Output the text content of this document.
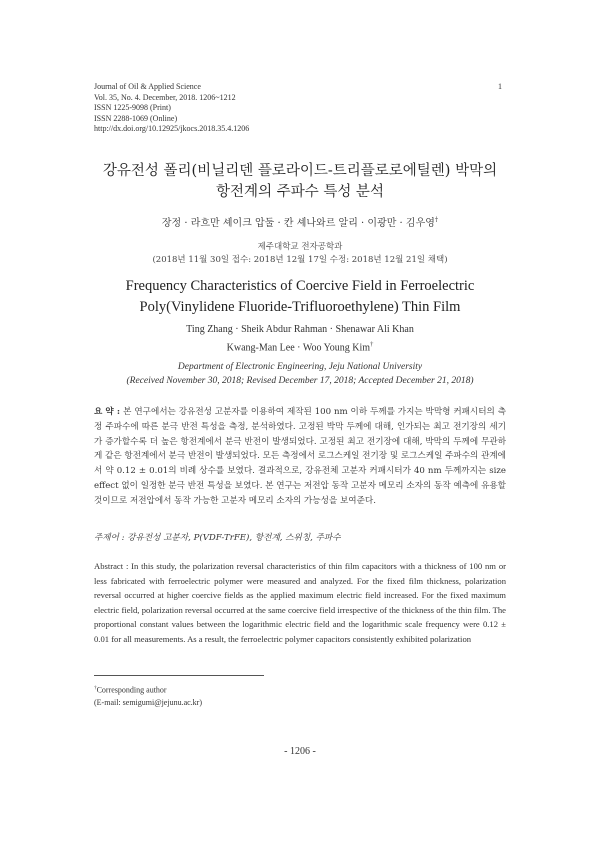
Journal of Oil & Applied Science
Vol. 35, No. 4. December, 2018. 1206~1212
ISSN 1225-9098 (Print)
ISSN 2288-1069 (Online)
http://dx.doi.org/10.12925/jkocs.2018.35.4.1206
1
강유전성 폴리(비닐리덴 플로라이드-트리플로로에틸렌) 박막의
항전계의 주파수 특성 분석
장정 · 라흐만 셰이크 압둘 · 칸 셰나와르 알리 · 이광만 · 김우영†
제주대학교 전자공학과
(2018년 11월 30일 접수: 2018년 12월 17일 수정: 2018년 12월 21일 채택)
Frequency Characteristics of Coercive Field in Ferroelectric
Poly(Vinylidene Fluoride-Trifluoroethylene) Thin Film
Ting Zhang · Sheik Abdur Rahman · Shenawar Ali Khan
Kwang-Man Lee · Woo Young Kim†
Department of Electronic Engineering, Jeju National University
(Received November 30, 2018; Revised December 17, 2018; Accepted December 21, 2018)
요 약 : 본 연구에서는 강유전성 고분자를 이용하여 제작된 100 nm 이하 두께를 가지는 박막형 커패시터의 측정 주파수에 따른 분극 반전 특성을 측정, 분석하였다. 고정된 박막 두께에 대해, 인가되는 최고 전기장의 세기가 증가할수록 더 높은 항전계에서 분극 반전이 발생되었다. 고정된 최고 전기장에 대해, 박막의 두께에 무관하게 같은 항전계에서 분극 반전이 발생되었다. 모든 측정에서 로그스케일 전기장 및 로그스케일 주파수의 관계에서 약 0.12 ± 0.01의 비례 상수를 보였다. 결과적으로, 강유전체 고분자 커패시터가 40 nm 두께까지는 size effect 없이 일정한 분극 반전 특성을 보였다. 본 연구는 저전압 동작 고분자 메모리 소자의 동작 예측에 유용할 것이므로 저전압에서 동작 가능한 고분자 메모리 소자의 가능성을 보여준다.
주제어 : 강유전성 고분자, P(VDF-TrFE), 항전계, 스위칭, 주파수
Abstract : In this study, the polarization reversal characteristics of thin film capacitors with a thickness of 100 nm or less fabricated with ferroelectric polymer were measured and analyzed. For the fixed film thickness, polarization reversal occurred at higher coercive fields as the applied maximum electric field increased. For the fixed maximum electric field, polarization reversal occurred at the same coercive field irrespective of the thickness of the thin film. The proportional constant values between the logarithmic electric field and the logarithmic scale frequency were 0.12 ± 0.01 for all measurements. As a result, the ferroelectric polymer capacitors consistently exhibited polarization
†Corresponding author
(E-mail: semigumi@jejunu.ac.kr)
- 1206 -
